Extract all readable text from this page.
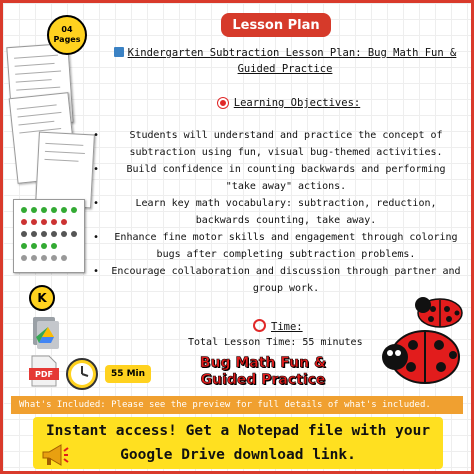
04
Pages
Lesson Plan
Kindergarten Subtraction Lesson Plan: Bug Math Fun & Guided Practice
Learning Objectives:
• Students will understand and practice the concept of subtraction using fun, visual bug-themed activities.
• Build confidence in counting backwards and performing "take away" actions.
• Learn key math vocabulary: subtraction, reduction, backwards counting, take away.
• Enhance fine motor skills and engagement through coloring bugs after completing subtraction problems.
• Encourage collaboration and discussion through partner and group work.
K
PDF	55 Min
Time:
Total Lesson Time: 55 minutes
Bug Math Fun & Guided Practice
What's Included: Please see the preview for full details of what's included.
Instant access! Get a Notepad file with your Google Drive download link.
